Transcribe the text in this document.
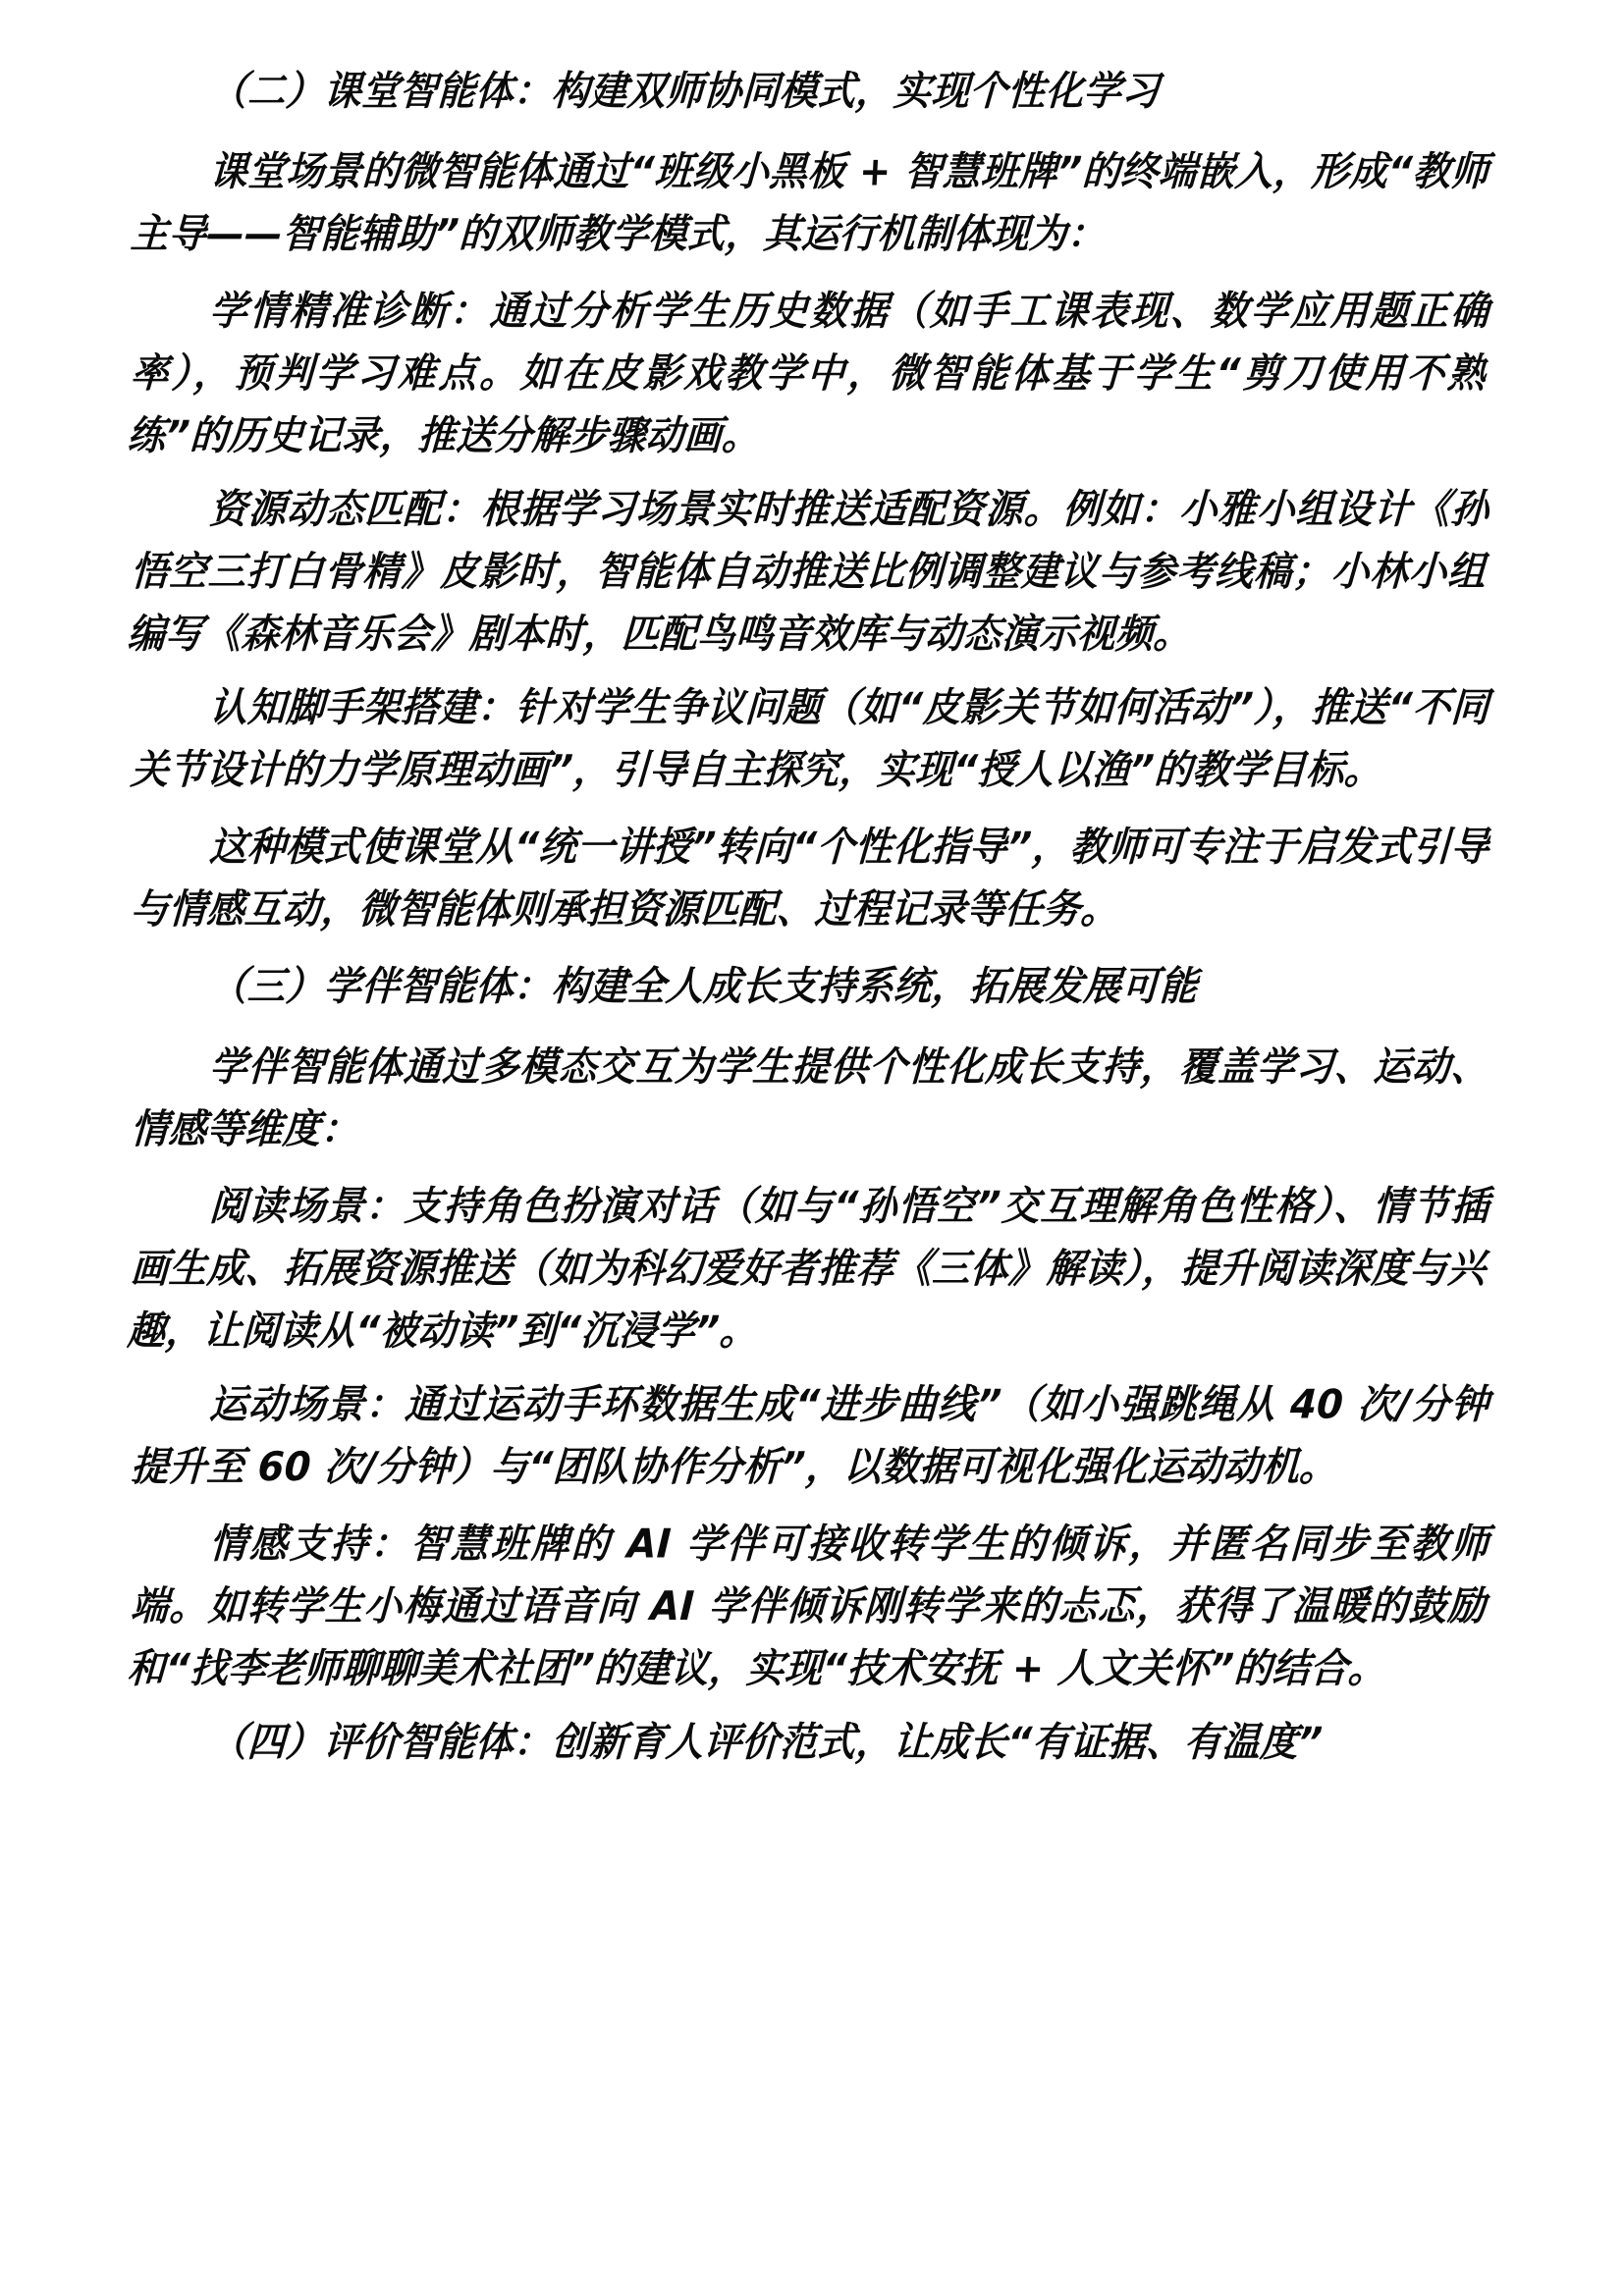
（二）课堂智能体：构建双师协同模式，实现个性化学习

课堂场景的微智能体通过“班级小黑板 + 智慧班牌”的终端嵌入，形成“教师主导——智能辅助”的双师教学模式，其运行机制体现为：

学情精准诊断：通过分析学生历史数据（如手工课表现、数学应用题正确率），预判学习难点。如在皮影戏教学中，微智能体基于学生“剪刀使用不熟练”的历史记录，推送分解步骤动画。

资源动态匹配：根据学习场景实时推送适配资源。例如：小雅小组设计《孙悟空三打白骨精》皮影时，智能体自动推送比例调整建议与参考线稿；小林小组编写《森林音乐会》剧本时，匹配鸟鸣音效库与动态演示视频。

认知脚手架搭建：针对学生争议问题（如“皮影关节如何活动”），推送“不同关节设计的力学原理动画”，引导自主探究，实现“授人以渔”的教学目标。

这种模式使课堂从“统一讲授”转向“个性化指导”，教师可专注于启发式引导与情感互动，微智能体则承担资源匹配、过程记录等任务。

（三）学伴智能体：构建全人成长支持系统，拓展发展可能

学伴智能体通过多模态交互为学生提供个性化成长支持，覆盖学习、运动、情感等维度：

阅读场景：支持角色扮演对话（如与“孙悟空”交互理解角色性格）、情节插画生成、拓展资源推送（如为科幻爱好者推荐《三体》解读），提升阅读深度与兴趣，让阅读从“被动读”到“沉浸学”。

运动场景：通过运动手环数据生成“进步曲线”（如小强跳绳从 40 次/分钟提升至 60 次/分钟）与“团队协作分析”，以数据可视化强化运动动机。

情感支持：智慧班牌的 AI 学伴可接收转学生的倾诉，并匿名同步至教师端。如转学生小梅通过语音向 AI 学伴倾诉刚转学来的忐忑，获得了温暖的鼓励和“找李老师聊聊美术社团”的建议，实现“技术安抚 + 人文关怀”的结合。

（四）评价智能体：创新育人评价范式，让成长“有证据、有温度”
